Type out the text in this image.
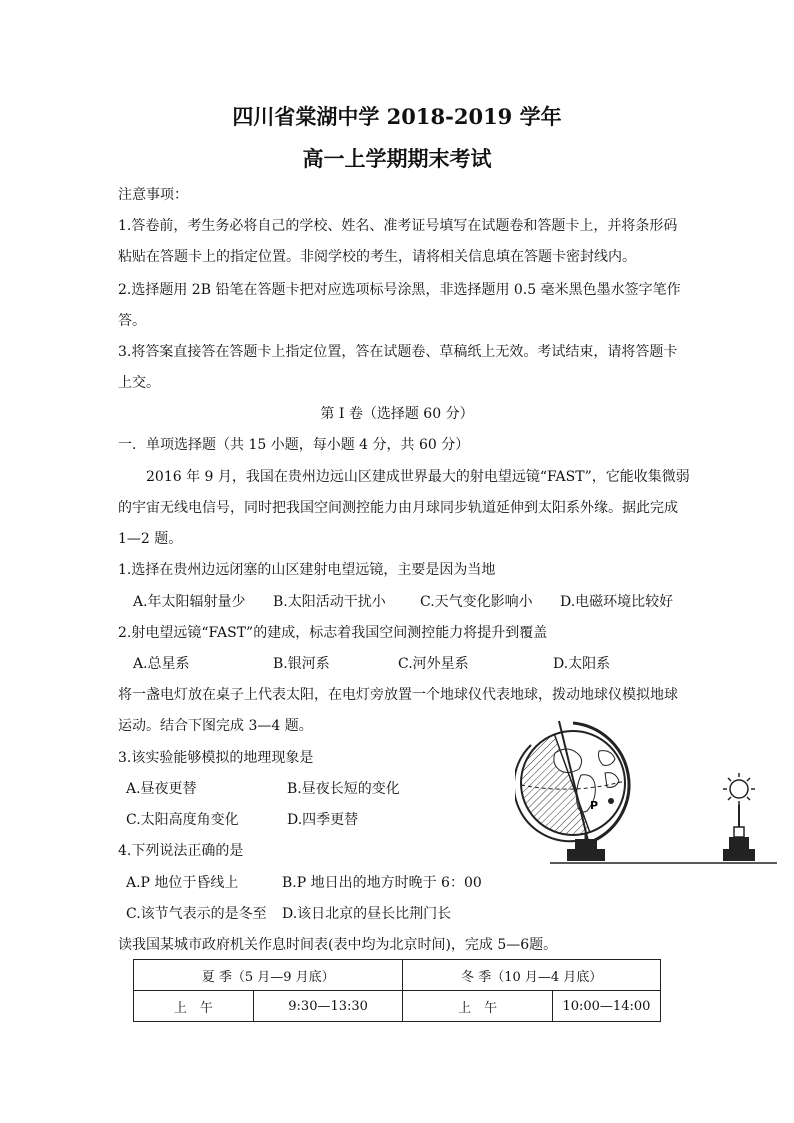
四川省棠湖中学 2018-2019 学年
高一上学期期末考试
注意事项：
1.答卷前，考生务必将自己的学校、姓名、准考证号填写在试题卷和答题卡上，并将条形码
粘贴在答题卡上的指定位置。非阅学校的考生，请将相关信息填在答题卡密封线内。
2.选择题用 2B 铅笔在答题卡把对应选项标号涂黑，非选择题用 0.5 毫米黑色墨水签字笔作
答。
3.将答案直接答在答题卡上指定位置，答在试题卷、草稿纸上无效。考试结束，请将答题卡
上交。
第 I 卷（选择题 60 分）
一．单项选择题（共 15 小题，每小题 4 分，共 60 分）
2016 年 9 月，我国在贵州边远山区建成世界最大的射电望远镜“FAST”，它能收集微弱
的宇宙无线电信号，同时把我国空间测控能力由月球同步轨道延伸到太阳系外缘。据此完成
1—2 题。
1.选择在贵州边远闭塞的山区建射电望远镜，主要是因为当地
A.年太阳辐射量少 B.太阳活动干扰小 C.天气变化影响小 D.电磁环境比较好
2.射电望远镜“FAST”的建成，标志着我国空间测控能力将提升到覆盖
A.总星系	B.银河系	C.河外星系	D.太阳系
将一盏电灯放在桌子上代表太阳，在电灯旁放置一个地球仪代表地球，拨动地球仪模拟地球
运动。结合下图完成 3—4 题。
3.该实验能够模拟的地理现象是
A.昼夜更替	B.昼夜长短的变化
C.太阳高度角变化	D.四季更替
4.下列说法正确的是
A.P 地位于昏线上	B.P 地日出的地方时晚于 6：00
C.该节气表示的是冬至 D.该日北京的昼长比荆门长
读我国某城市政府机关作息时间表(表中均为北京时间)，完成 5—6题。
P
夏 季（5 月—9 月底）		冬 季（10 月—4 月底）	
上　午	9:30—13:30	上　午	10:00—14:00
